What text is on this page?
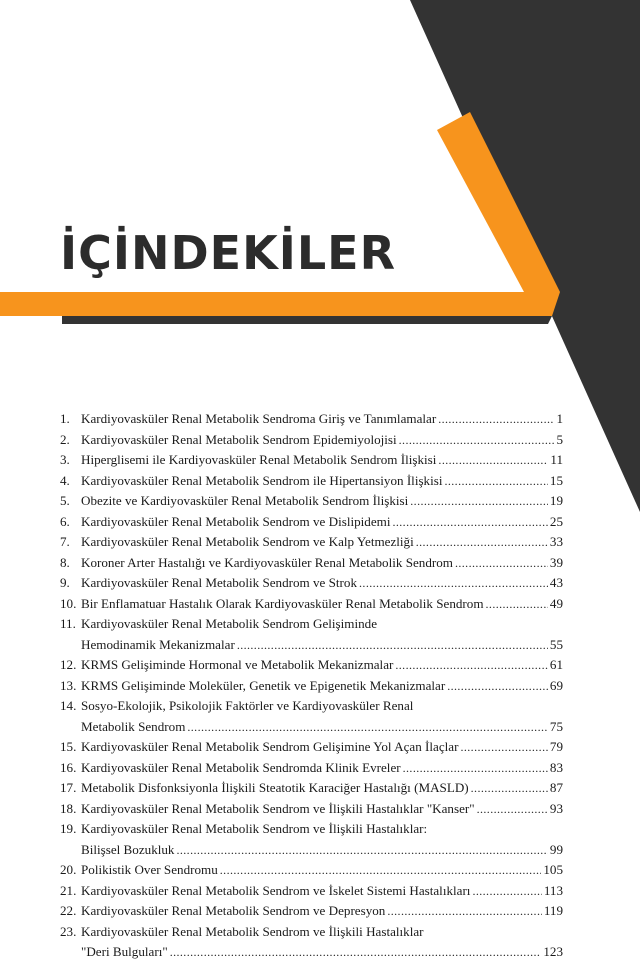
İÇİNDEKİLER
1. Kardiyovasküler Renal Metabolik Sendroma Giriş ve Tanımlamalar .....	1
2. Kardiyovasküler Renal Metabolik Sendrom Epidemiyolojisi .....	5
3. Hiperglisemi ile Kardiyovasküler Renal Metabolik Sendrom İlişkisi .....	11
4. Kardiyovasküler Renal Metabolik Sendrom ile Hipertansiyon İlişkisi .....	15
5. Obezite ve Kardiyovasküler Renal Metabolik Sendrom İlişkisi .....	19
6. Kardiyovasküler Renal Metabolik Sendrom ve Dislipidemi .....	25
7. Kardiyovasküler Renal Metabolik Sendrom ve Kalp Yetmezliği .....	33
8. Koroner Arter Hastalığı ve Kardiyovasküler Renal Metabolik Sendrom .....	39
9. Kardiyovasküler Renal Metabolik Sendrom ve Strok .....	43
10. Bir Enflamatuar Hastalık Olarak Kardiyovasküler Renal Metabolik Sendrom .....	49
11. Kardiyovasküler Renal Metabolik Sendrom Gelişiminde
Hemodinamik Mekanizmalar .....	55
12. KRMS Gelişiminde Hormonal ve Metabolik Mekanizmalar .....	61
13. KRMS Gelişiminde Moleküler, Genetik ve Epigenetik Mekanizmalar .....	69
14. Sosyo-Ekolojik, Psikolojik Faktörler ve Kardiyovasküler Renal
Metabolik Sendrom .....	75
15. Kardiyovasküler Renal Metabolik Sendrom Gelişimine Yol Açan İlaçlar .....	79
16. Kardiyovasküler Renal Metabolik Sendromda Klinik Evreler .....	83
17. Metabolik Disfonksiyonla İlişkili Steatotik Karaciğer Hastalığı (MASLD) .....	87
18. Kardiyovasküler Renal Metabolik Sendrom ve İlişkili Hastalıklar "Kanser" .....	93
19. Kardiyovasküler Renal Metabolik Sendrom ve İlişkili Hastalıklar:
Bilişsel Bozukluk .....	99
20. Polikistik Over Sendromu .....	105
21. Kardiyovasküler Renal Metabolik Sendrom ve İskelet Sistemi Hastalıkları .....	113
22. Kardiyovasküler Renal Metabolik Sendrom ve Depresyon .....	119
23. Kardiyovasküler Renal Metabolik Sendrom ve İlişkili Hastalıklar
"Deri Bulguları" .....	123
